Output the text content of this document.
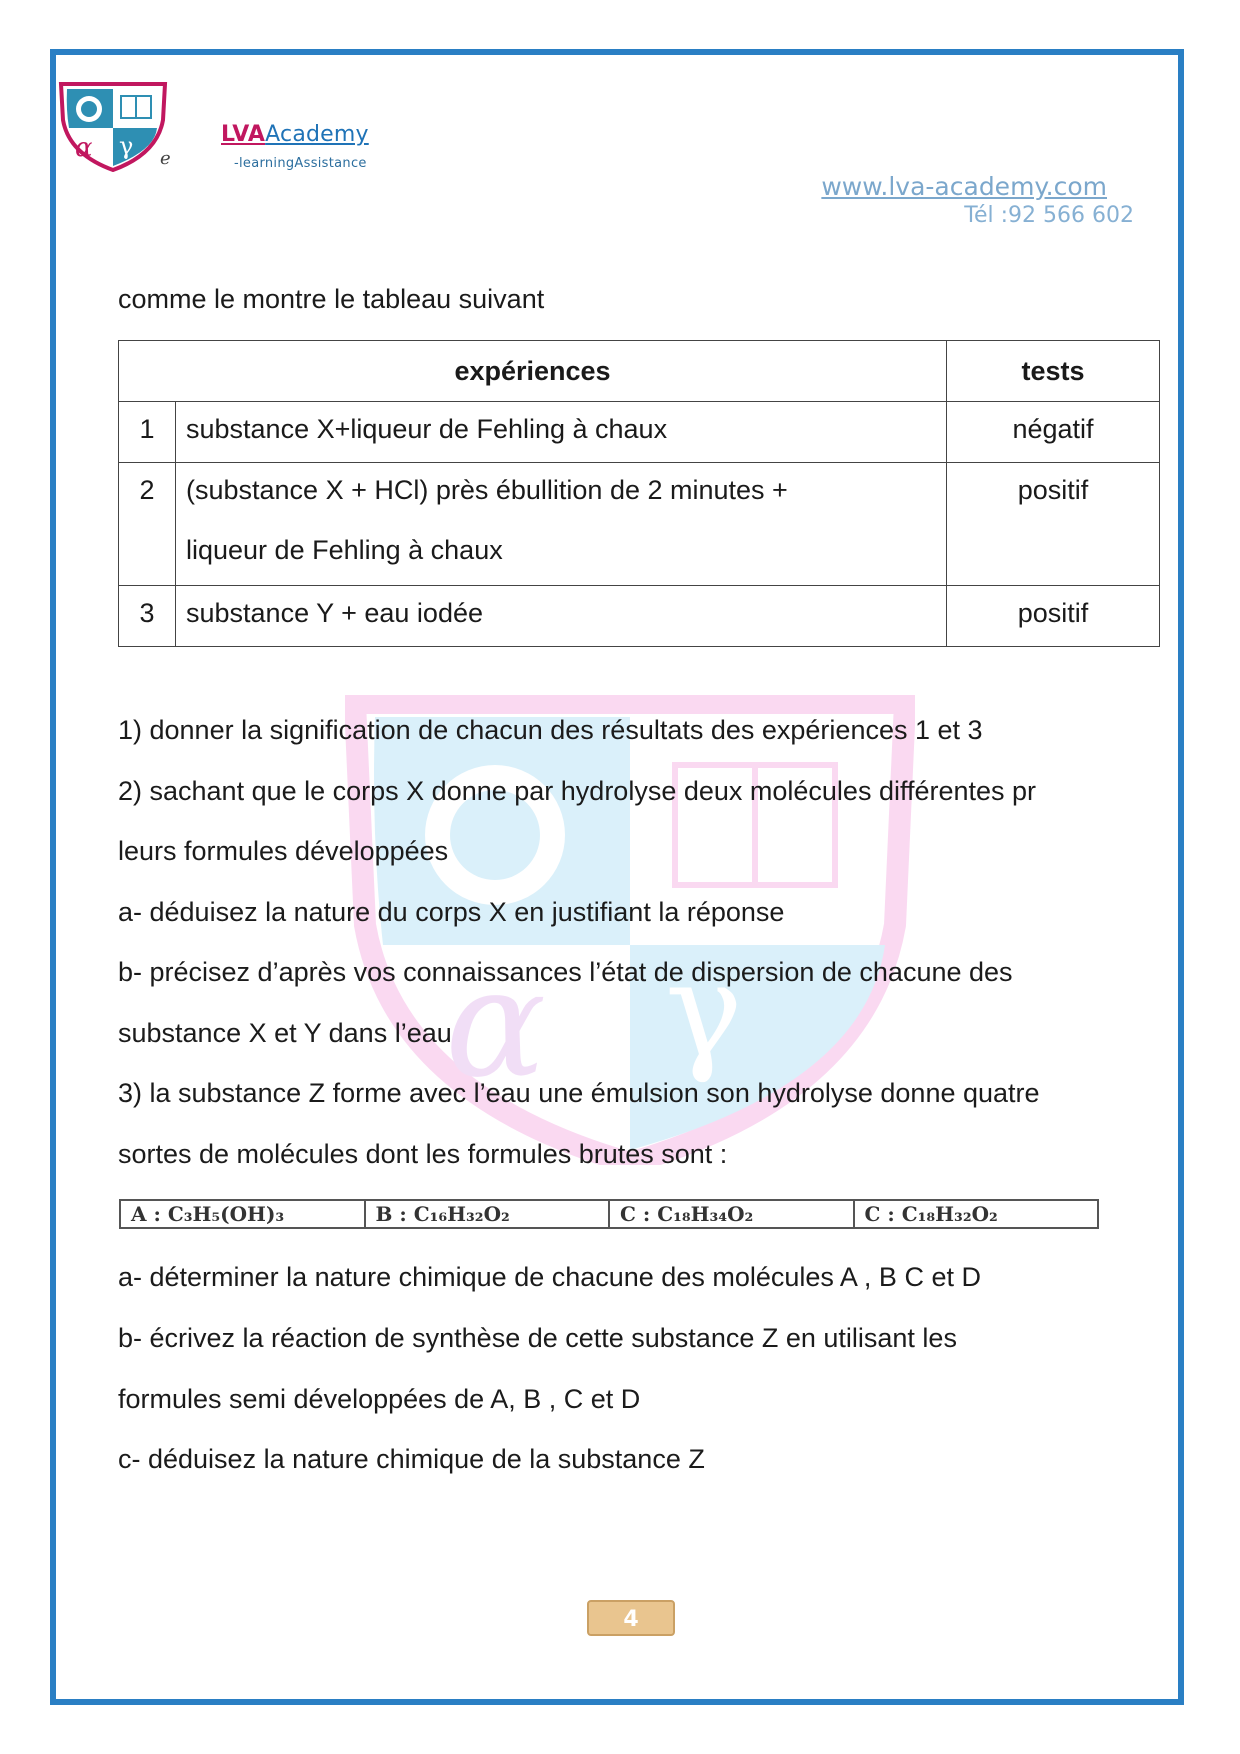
α γ e
LVAAcademy
-learningAssistance
www.lva-academy.com
Tél :92 566 602
α γ
comme le montre le tableau suivant
expériences		tests
1	substance X+liqueur de Fehling à chaux	négatif
2	(substance X + HCl) près ébullition de 2 minutes +
liqueur de Fehling à chaux	positif
3	substance Y + eau iodée	positif
1) donner la signification de chacun des résultats des expériences 1 et 3
2) sachant que le corps X donne par hydrolyse deux molécules différentes pr
leurs formules développées
a- déduisez la nature du corps X en justifiant la réponse
b- précisez d’après vos connaissances l’état de dispersion de chacune des
substance X et Y dans l’eau
3) la substance Z forme avec l’eau une émulsion son hydrolyse donne quatre
sortes de molécules dont les formules brutes sont :
A : C₃H₅(OH)₃	B : C₁₆H₃₂O₂	C : C₁₈H₃₄O₂	C : C₁₈H₃₂O₂
a- déterminer la nature chimique de chacune des molécules A , B C et D
b- écrivez la réaction de synthèse de cette substance Z en utilisant les
formules semi développées de A, B , C et D
c- déduisez la nature chimique de la substance Z
4
